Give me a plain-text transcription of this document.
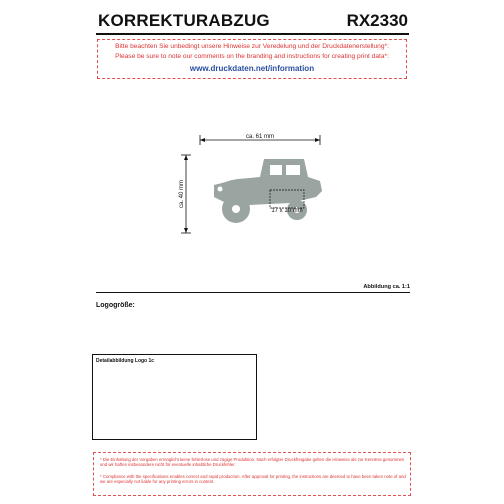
KORREKTURABZUG	RX2330
Bitte beachten Sie unbedingt unsere Hinweise zur Veredelung und der Druckdatenerstellung*:
Please be sure to note our comments on the branding and instructions for creating print data*:
www.druckdaten.net/information
ca. 61 mm
ca. 40 mm
17 x 10 mm
Abbildung ca. 1:1
Logogröße:
Detailabbildung Logo 1c
* Die Einhaltung der Vorgaben ermöglicht keine fehlerlose und zügige Produktion. Nach erfolgter Druckfreigabe gelten die Hinweise als zur Kenntnis genommen und wir haften insbesondere nicht für eventuelle inhaltliche Druckfehler.
* Compliance with the specifications enables correct and rapid production. After approval for printing, the instructions are deemed to have been taken note of and we are especially not liable for any printing errors in content.
